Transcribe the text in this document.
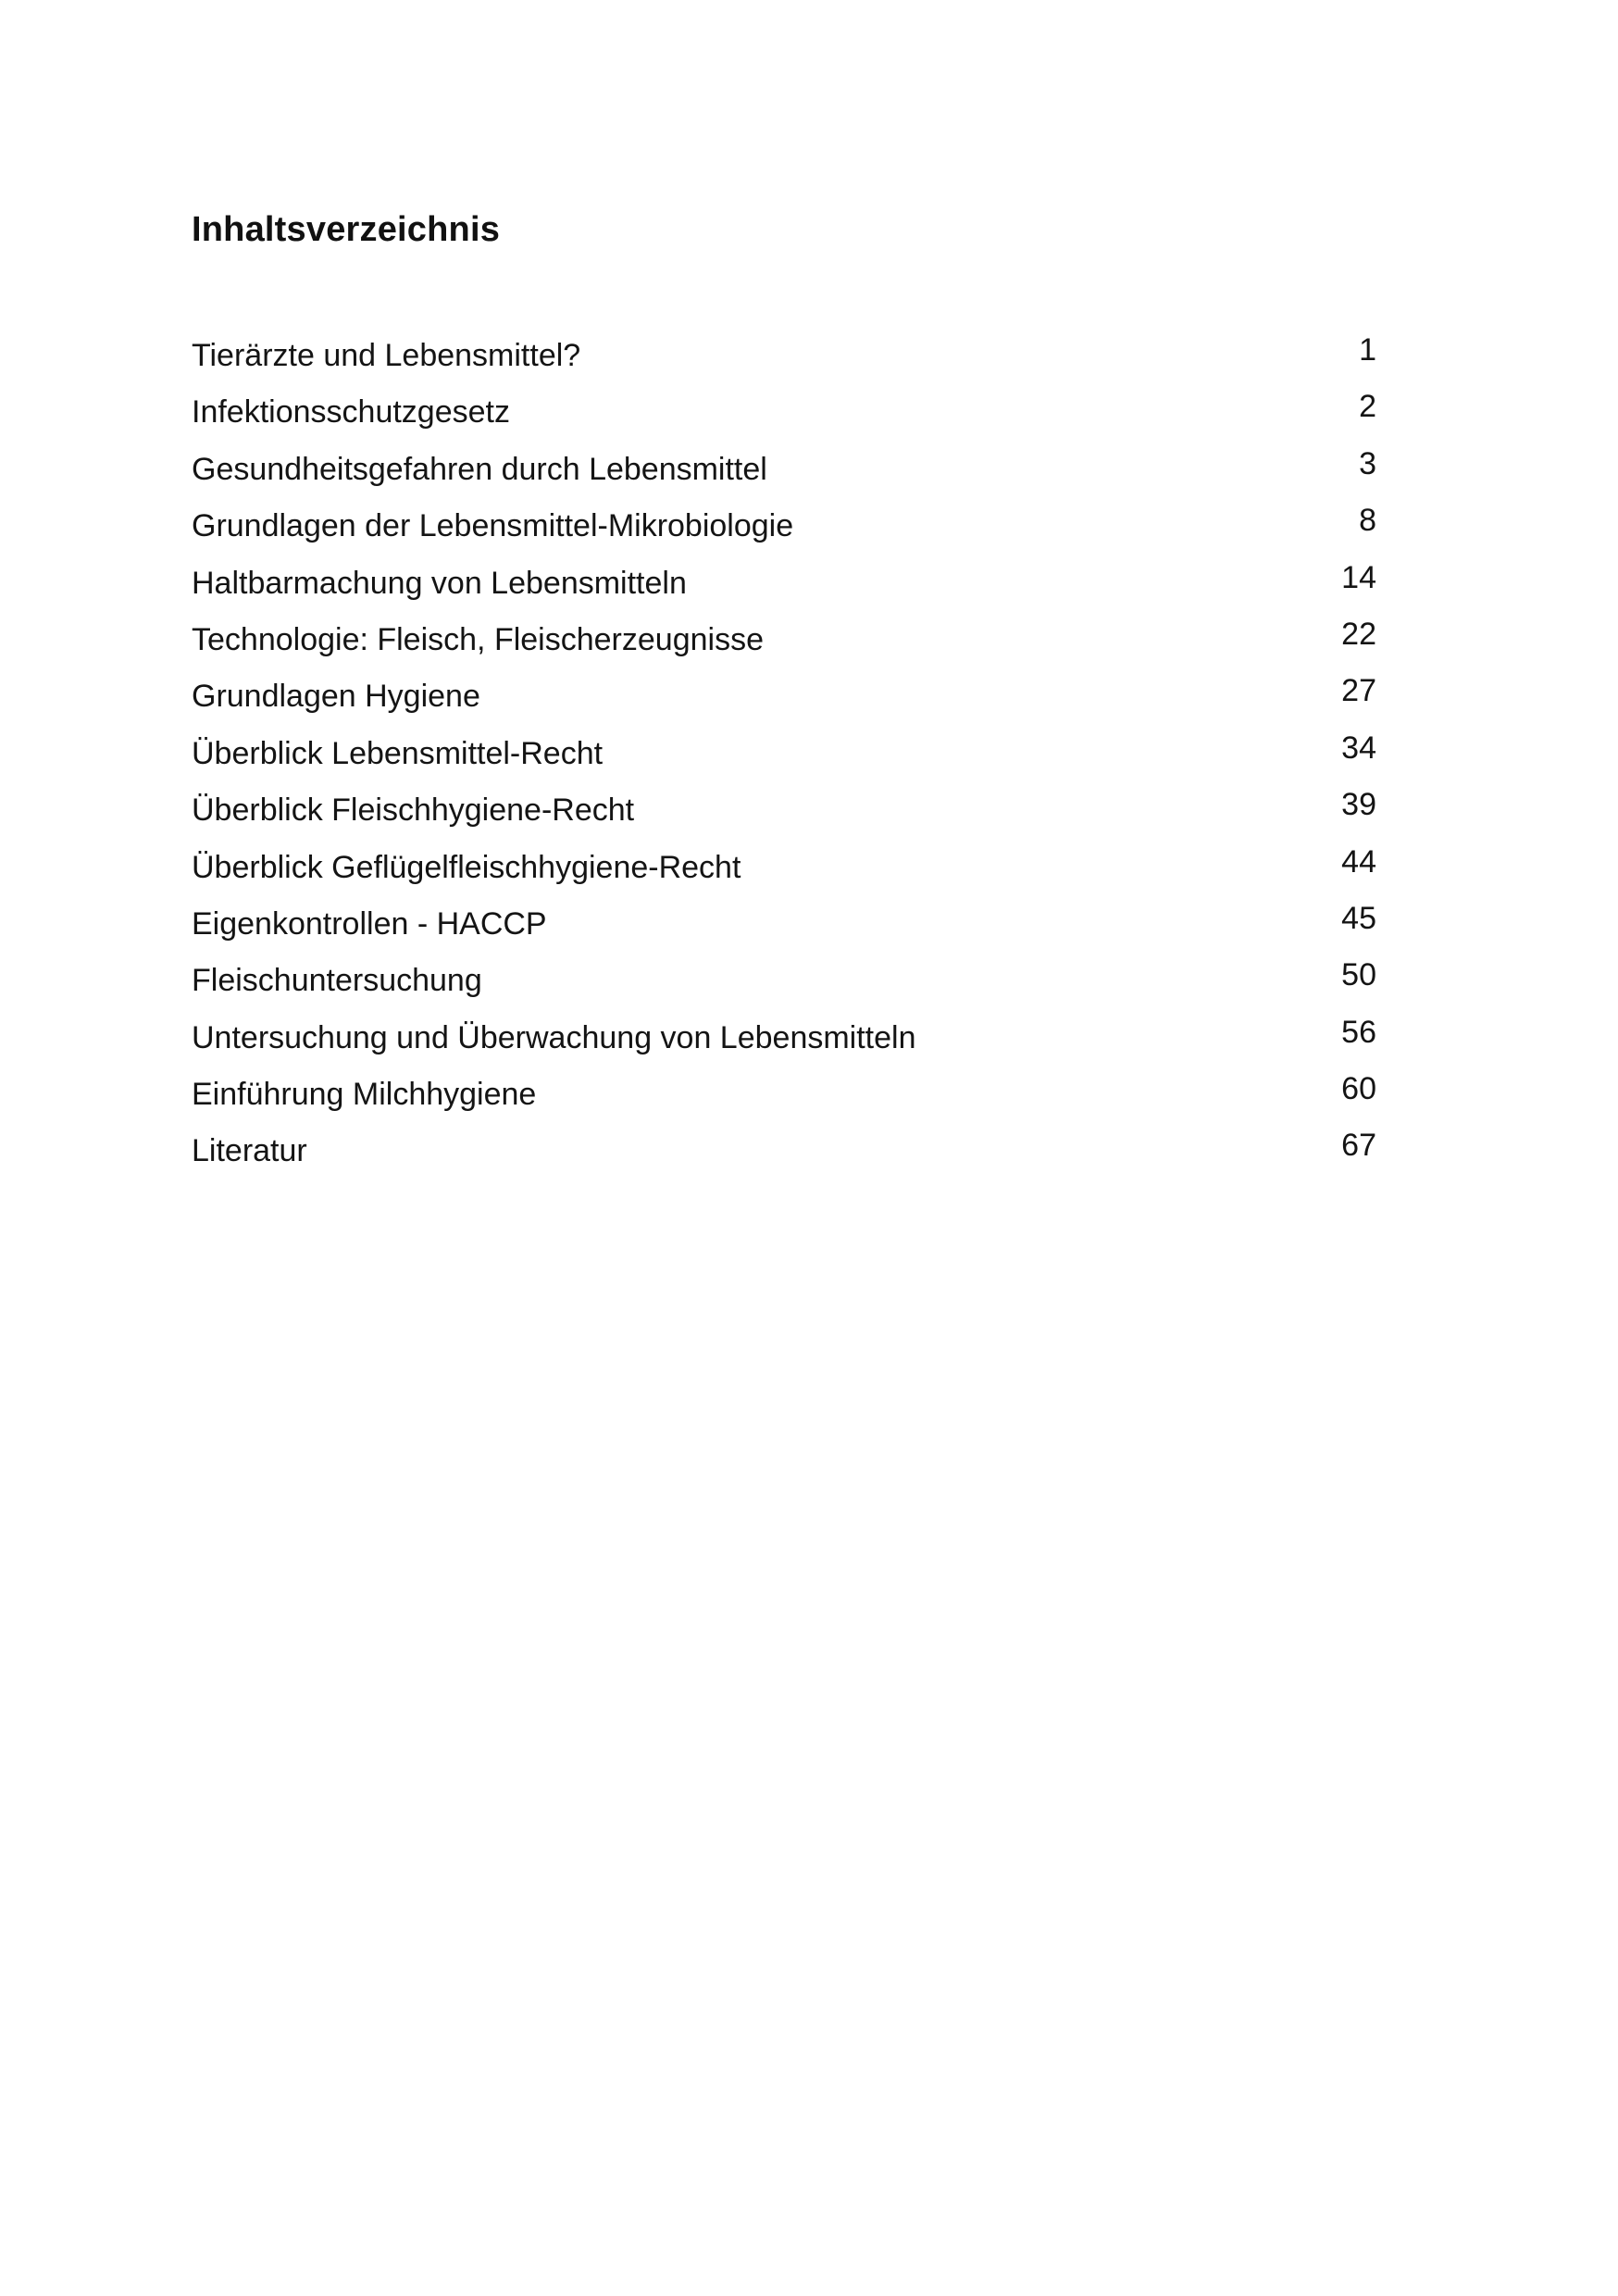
Inhaltsverzeichnis
Tierärzte und Lebensmittel?	1
Infektionsschutzgesetz	2
Gesundheitsgefahren durch Lebensmittel	3
Grundlagen der Lebensmittel-Mikrobiologie	8
Haltbarmachung von Lebensmitteln	14
Technologie: Fleisch, Fleischerzeugnisse	22
Grundlagen Hygiene	27
Überblick Lebensmittel-Recht	34
Überblick Fleischhygiene-Recht	39
Überblick Geflügelfleischhygiene-Recht	44
Eigenkontrollen - HACCP	45
Fleischuntersuchung	50
Untersuchung und Überwachung von Lebensmitteln	56
Einführung Milchhygiene	60
Literatur	67
